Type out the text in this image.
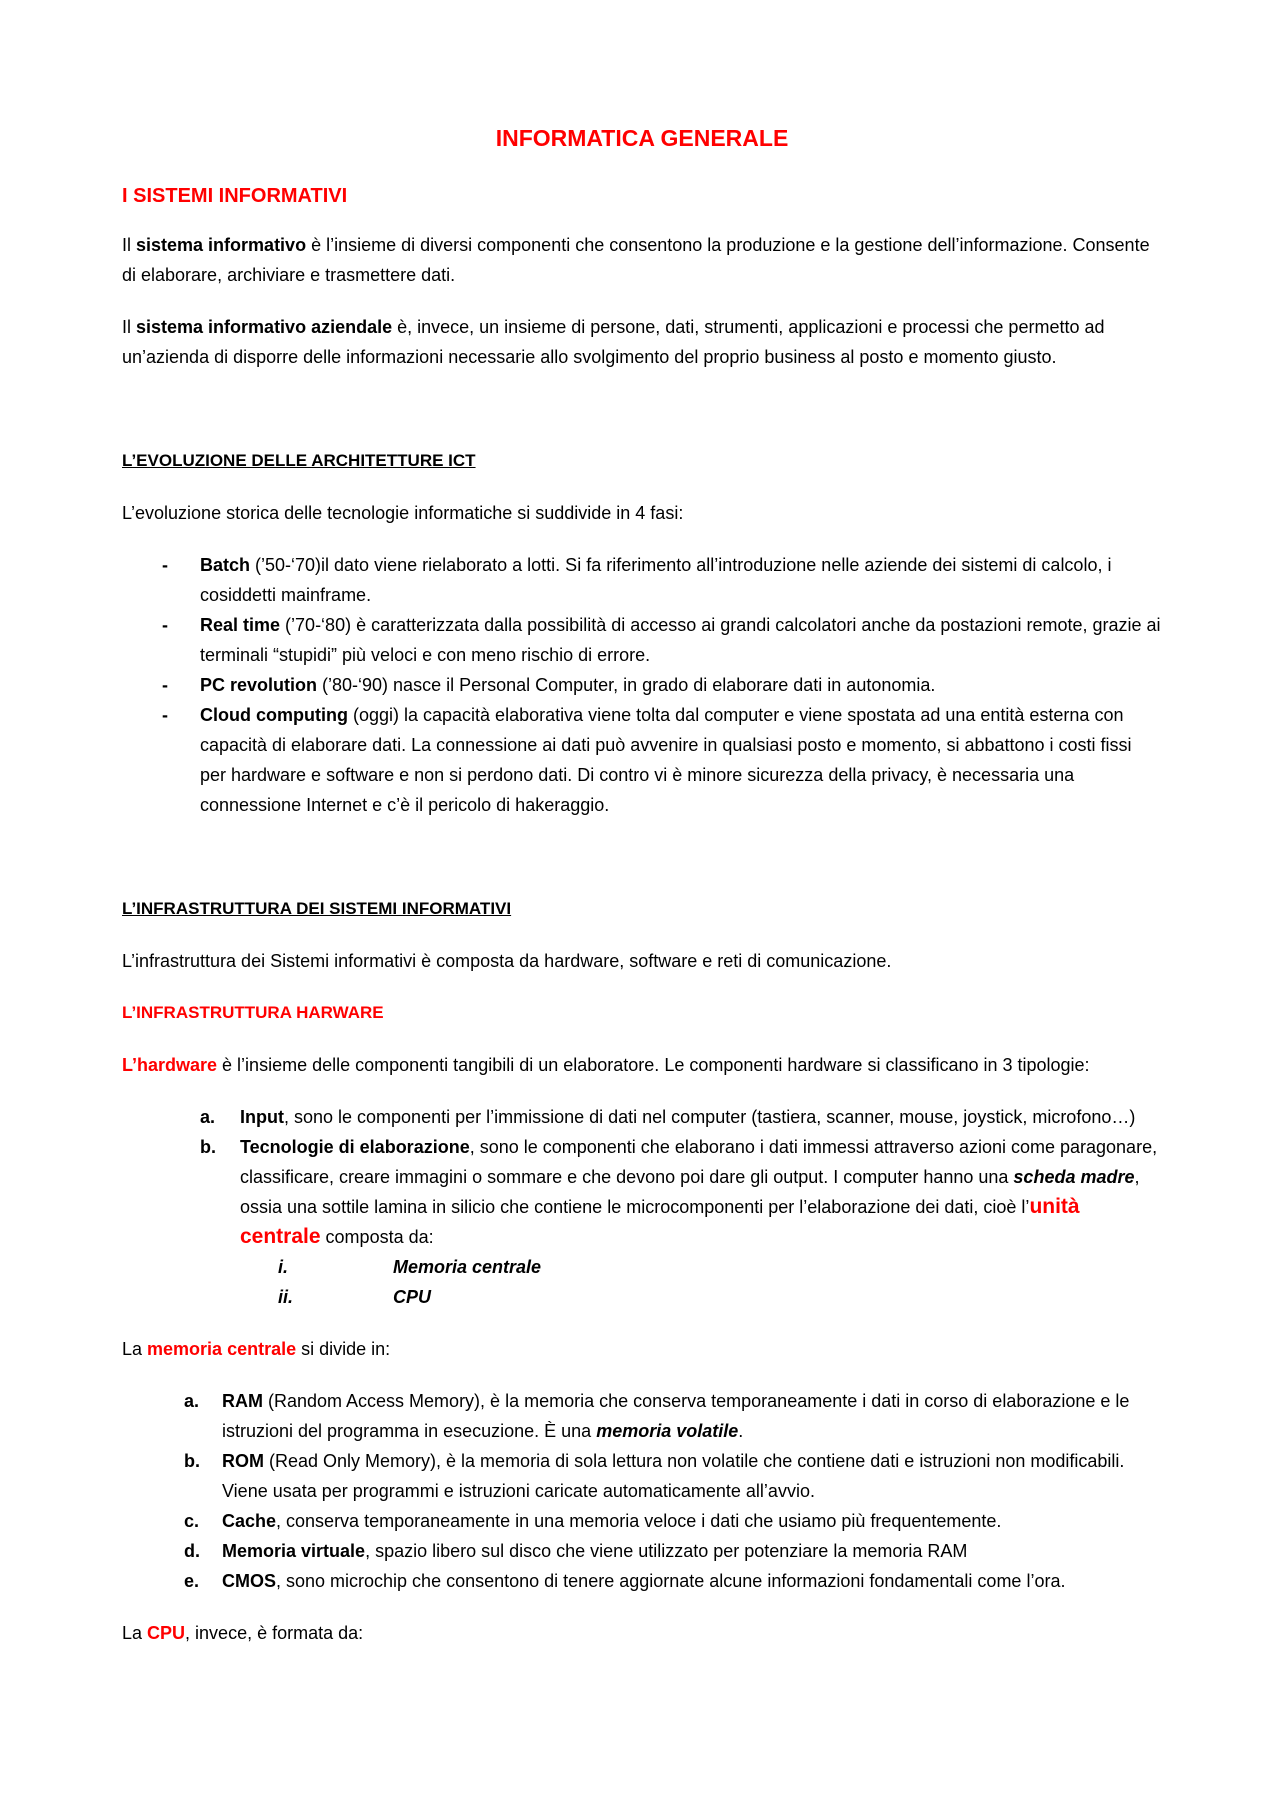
INFORMATICA GENERALE
I SISTEMI INFORMATIVI
Il sistema informativo è l’insieme di diversi componenti che consentono la produzione e la gestione dell’informazione. Consente di elaborare, archiviare e trasmettere dati.
Il sistema informativo aziendale è, invece, un insieme di persone, dati, strumenti, applicazioni e processi che permetto ad un’azienda di disporre delle informazioni necessarie allo svolgimento del proprio business al posto e momento giusto.
L’EVOLUZIONE DELLE ARCHITETTURE ICT
L’evoluzione storica delle tecnologie informatiche si suddivide in 4 fasi:
- Batch (’50-‘70)il dato viene rielaborato a lotti. Si fa riferimento all’introduzione nelle aziende dei sistemi di calcolo, i cosiddetti mainframe.
- Real time (’70-‘80) è caratterizzata dalla possibilità di accesso ai grandi calcolatori anche da postazioni remote, grazie ai terminali “stupidi” più veloci e con meno rischio di errore.
- PC revolution (’80-‘90) nasce il Personal Computer, in grado di elaborare dati in autonomia.
- Cloud computing (oggi) la capacità elaborativa viene tolta dal computer e viene spostata ad una entità esterna con capacità di elaborare dati. La connessione ai dati può avvenire in qualsiasi posto e momento, si abbattono i costi fissi per hardware e software e non si perdono dati. Di contro vi è minore sicurezza della privacy, è necessaria una connessione Internet e c’è il pericolo di hakeraggio.
L’INFRASTRUTTURA DEI SISTEMI INFORMATIVI
L’infrastruttura dei Sistemi informativi è composta da hardware, software e reti di comunicazione.
L’INFRASTRUTTURA HARWARE
L’hardware è l’insieme delle componenti tangibili di un elaboratore. Le componenti hardware si classificano in 3 tipologie:
a. Input, sono le componenti per l’immissione di dati nel computer (tastiera, scanner, mouse, joystick, microfono…)
b. Tecnologie di elaborazione, sono le componenti che elaborano i dati immessi attraverso azioni come paragonare, classificare, creare immagini o sommare e che devono poi dare gli output. I computer hanno una scheda madre, ossia una sottile lamina in silicio che contiene le microcomponenti per l’elaborazione dei dati, cioè l’unità centrale composta da:
i.	Memoria centrale
ii.	CPU
La memoria centrale si divide in:
a. RAM (Random Access Memory), è la memoria che conserva temporaneamente i dati in corso di elaborazione e le istruzioni del programma in esecuzione. È una memoria volatile.
b. ROM (Read Only Memory), è la memoria di sola lettura non volatile che contiene dati e istruzioni non modificabili. Viene usata per programmi e istruzioni caricate automaticamente all’avvio.
c. Cache, conserva temporaneamente in una memoria veloce i dati che usiamo più frequentemente.
d. Memoria virtuale, spazio libero sul disco che viene utilizzato per potenziare la memoria RAM
e. CMOS, sono microchip che consentono di tenere aggiornate alcune informazioni fondamentali come l’ora.
La CPU, invece, è formata da:
